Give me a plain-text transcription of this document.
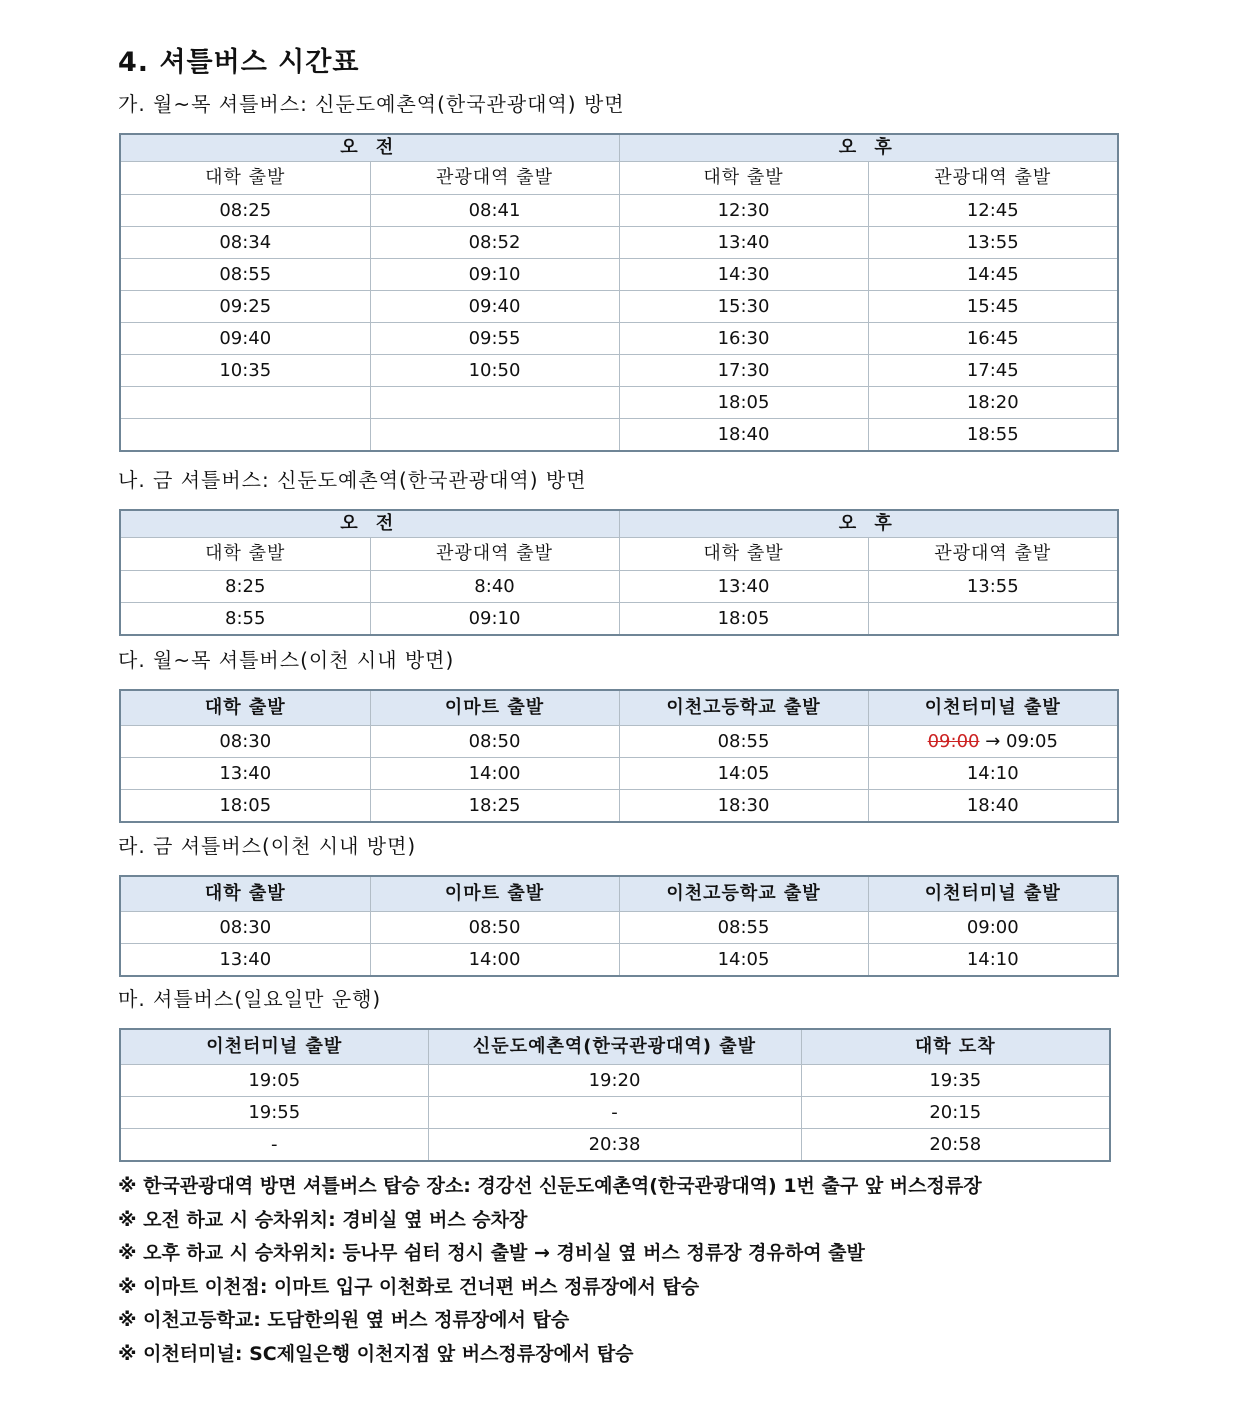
4. 셔틀버스 시간표
가. 월~목 셔틀버스: 신둔도예촌역(한국관광대역) 방면
오 전		오 후	
대학 출발	관광대역 출발	대학 출발	관광대역 출발
08:25	08:41	12:30	12:45
08:34	08:52	13:40	13:55
08:55	09:10	14:30	14:45
09:25	09:40	15:30	15:45
09:40	09:55	16:30	16:45
10:35	10:50	17:30	17:45
		18:05	18:20
		18:40	18:55
나. 금 셔틀버스: 신둔도예촌역(한국관광대역) 방면
오 전		오 후	
대학 출발	관광대역 출발	대학 출발	관광대역 출발
8:25	8:40	13:40	13:55
8:55	09:10	18:05	
다. 월~목 셔틀버스(이천 시내 방면)
대학 출발	이마트 출발	이천고등학교 출발	이천터미널 출발
08:30	08:50	08:55	09:00 → 09:05
13:40	14:00	14:05	14:10
18:05	18:25	18:30	18:40
라. 금 셔틀버스(이천 시내 방면)
대학 출발	이마트 출발	이천고등학교 출발	이천터미널 출발
08:30	08:50	08:55	09:00
13:40	14:00	14:05	14:10
마. 셔틀버스(일요일만 운행)
이천터미널 출발	신둔도예촌역(한국관광대역) 출발	대학 도착
19:05	19:20	19:35
19:55	-	20:15
-	20:38	20:58
※ 한국관광대역 방면 셔틀버스 탑승 장소: 경강선 신둔도예촌역(한국관광대역) 1번 출구 앞 버스정류장
※ 오전 하교 시 승차위치: 경비실 옆 버스 승차장
※ 오후 하교 시 승차위치: 등나무 쉼터 정시 출발 → 경비실 옆 버스 정류장 경유하여 출발
※ 이마트 이천점: 이마트 입구 이천화로 건너편 버스 정류장에서 탑승
※ 이천고등학교: 도담한의원 옆 버스 정류장에서 탑승
※ 이천터미널: SC제일은행 이천지점 앞 버스정류장에서 탑승
